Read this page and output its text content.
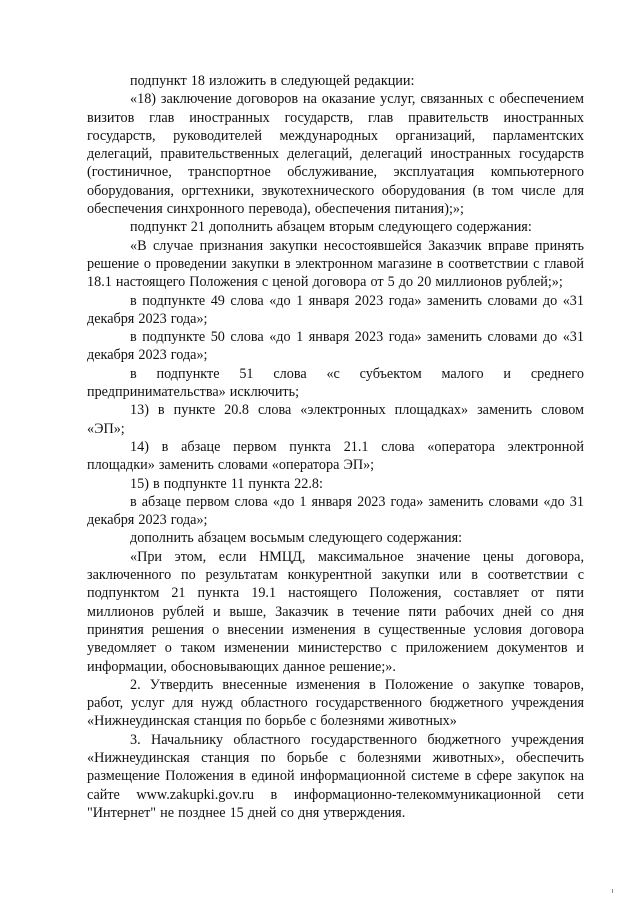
подпункт 18 изложить в следующей редакции:

«18) заключение договоров на оказание услуг, связанных с обеспечением визитов глав иностранных государств, глав правительств иностранных государств, руководителей международных организаций, парламентских делегаций, правительственных делегаций, делегаций иностранных государств (гостиничное, транспортное обслуживание, эксплуатация компьютерного оборудования, оргтехники, звукотехнического оборудования (в том числе для обеспечения синхронного перевода), обеспечения питания);»;

подпункт 21 дополнить абзацем вторым следующего содержания:

«В случае признания закупки несостоявшейся Заказчик вправе принять решение о проведении закупки в электронном магазине в соответствии с главой 18.1 настоящего Положения с ценой договора от 5 до 20 миллионов рублей;»;

в подпункте 49 слова «до 1 января 2023 года» заменить словами до «31 декабря 2023 года»;

в подпункте 50 слова «до 1 января 2023 года» заменить словами до «31 декабря 2023 года»;

в подпункте 51 слова «с субъектом малого и среднего предпринимательства» исключить;

13) в пункте 20.8 слова «электронных площадках» заменить словом «ЭП»;

14) в абзаце первом пункта 21.1 слова «оператора электронной площадки» заменить словами «оператора ЭП»;

15) в подпункте 11 пункта 22.8:

в абзаце первом слова «до 1 января 2023 года» заменить словами «до 31 декабря 2023 года»;

дополнить абзацем восьмым следующего содержания:

«При этом, если НМЦД, максимальное значение цены договора, заключенного по результатам конкурентной закупки или в соответствии с подпунктом 21 пункта 19.1 настоящего Положения, составляет от пяти миллионов рублей и выше, Заказчик в течение пяти рабочих дней со дня принятия решения о внесении изменения в существенные условия договора уведомляет о таком изменении министерство с приложением документов и информации, обосновывающих данное решение;».

2. Утвердить внесенные изменения в Положение о закупке товаров, работ, услуг для нужд областного государственного бюджетного учреждения «Нижнеудинская станция по борьбе с болезнями животных»

3. Начальнику областного государственного бюджетного учреждения «Нижнеудинская станция по борьбе с болезнями животных», обеспечить размещение Положения в единой информационной системе в сфере закупок на сайте www.zakupki.gov.ru в информационно-телекоммуникационной сети "Интернет" не позднее 15 дней со дня утверждения.
